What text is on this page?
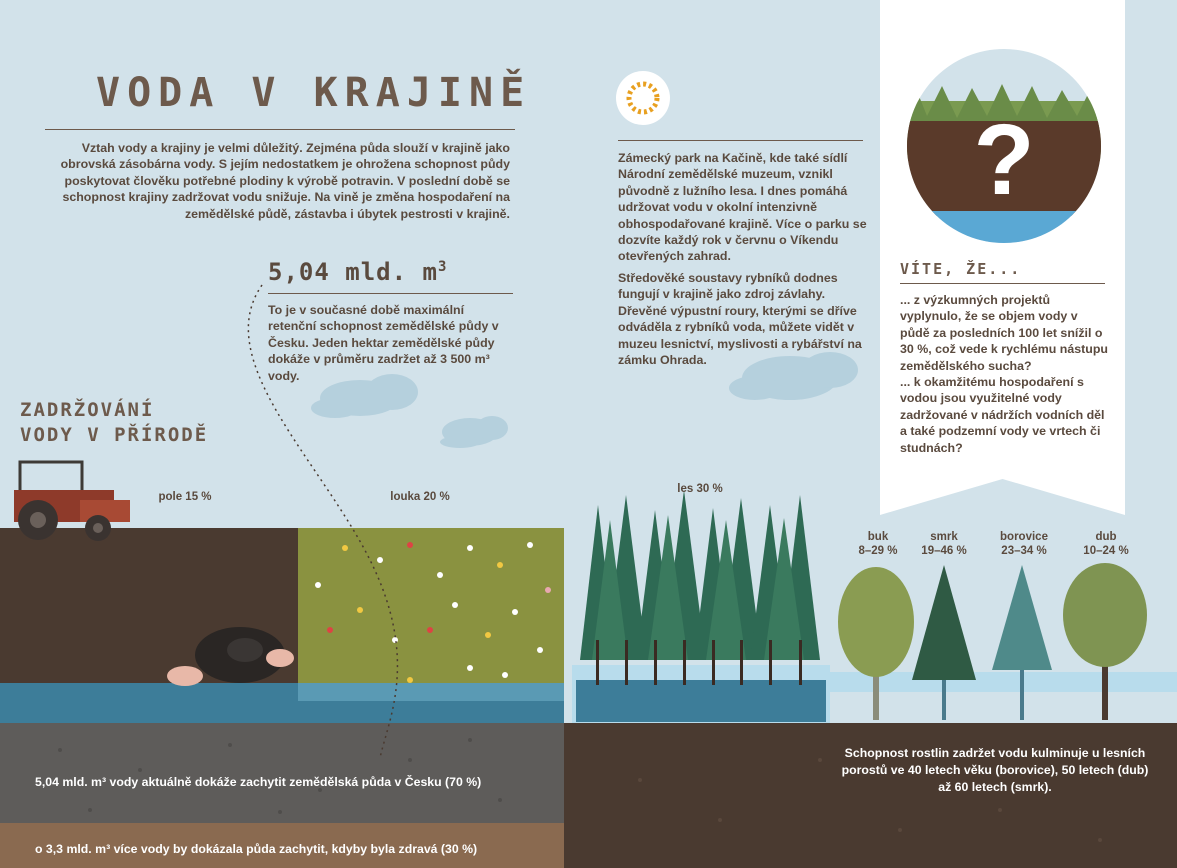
?
VODA V KRAJINĚ

Vztah vody a krajiny je velmi důležitý. Zejména půda slouží v krajině jako obrovská zásobárna vody. S jejím nedostatkem je ohrožena schopnost půdy poskytovat člověku potřebné plodiny k výrobě potravin. V poslední době se schopnost krajiny zadržovat vodu snižuje. Na vině je změna hospodaření na zemědělské půdě, zástavba i úbytek pestrosti v krajině.

5,04 mld. $m^3$

To je v současné době maximální retenční schopnost zemědělské půdy v Česku. Jeden hektar zemědělské půdy dokáže v průměru zadržet až 3 500 m³ vody.

ZADRŽOVÁNÍ
VODY V PŘÍRODĚ

Zámecký park na Kačině, kde také sídlí Národní zemědělské muzeum, vznikl původně z lužního lesa. I dnes pomáhá udržovat vodu v okolní intenzivně obhospodařované krajině. Více o parku se dozvíte každý rok v červnu o Víkendu otevřených zahrad.

Středověké soustavy rybníků dodnes fungují v krajině jako zdroj závlahy. Dřevěné výpustní roury, kterými se dříve odváděla z rybníků voda, můžete vidět v muzeu lesnictví, myslivosti a rybářství na zámku Ohrada.

VÍTE, ŽE...
... z výzkumných projektů vyplynulo, že se objem vody v půdě za posledních 100 let snížil o 30 %, což vede k rychlému nástupu zemědělského sucha?
... k okamžitému hospodaření s vodou jsou využitelné vody zadržované v nádržích vodních děl a také podzemní vody ve vrtech či studnách?
pole 15 %	louka 20 %
les 30 %
buk
8–29 %
smrk
19–46 %
borovice
23–34 %
dub
10–24 %
5,04 mld. m³ vody aktuálně dokáže zachytit zemědělská půda v Česku (70 %)
o 3,3 mld. m³ více vody by dokázala půda zachytit, kdyby byla zdravá (30 %)
Schopnost rostlin zadržet vodu kulminuje u lesních porostů ve 40 letech věku (borovice), 50 letech (dub) až 60 letech (smrk).
